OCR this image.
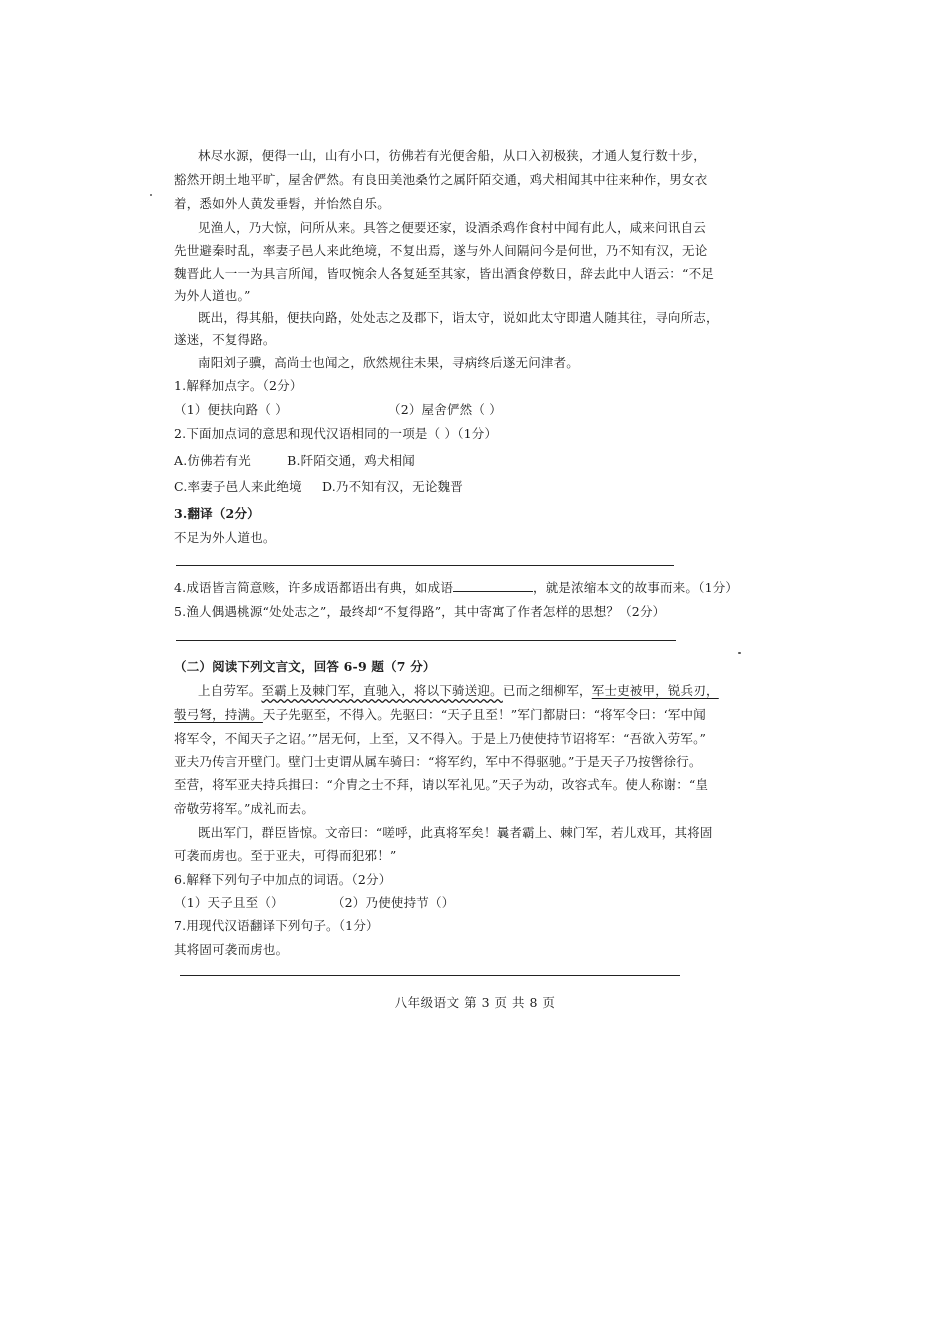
林尽水源，便得一山，山有小口，彷佛若有光便舍船，从口入初极狭，才通人复行数十步，
豁然开朗土地平旷，屋舍俨然。有良田美池桑竹之属阡陌交通，鸡犬相闻其中往来种作，男女衣
着，悉如外人黄发垂髫，并怡然自乐。
见渔人，乃大惊，问所从来。具答之便要还家，设酒杀鸡作食村中闻有此人，咸来问讯自云
先世避秦时乱，率妻子邑人来此绝境，不复出焉，遂与外人间隔问今是何世，乃不知有汉，无论
魏晋此人一一为具言所闻，皆叹惋余人各复延至其家，皆出酒食停数日，辞去此中人语云：“不足
为外人道也。”
既出，得其船，便扶向路，处处志之及郡下，诣太守，说如此太守即遣人随其往，寻向所志，
遂迷，不复得路。
南阳刘子骥，高尚士也闻之，欣然规往未果，寻病终后遂无问津者。
1.解释加点字。（2分）
（1）便扶向路（ ）	（2）屋舍俨然（ ）
2.下面加点词的意思和现代汉语相同的一项是（ ）（1分）
A.仿佛若有光	B.阡陌交通，鸡犬相闻
C.率妻子邑人来此绝境 D.乃不知有汉，无论魏晋
3.翻译（2分）
不足为外人道也。
4.成语皆言简意赅，许多成语都语出有典，如成语	，就是浓缩本文的故事而来。（1分）
5.渔人偶遇桃源“处处志之”，最终却“不复得路”，其中寄寓了作者怎样的思想？（2分）
（二）阅读下列文言文，回答 6-9 题（7 分）
上自劳军。至霸上及棘门军，直驰入，将以下骑送迎。已而之细柳军，军士吏被甲，锐兵刃，
彀弓弩，持满。天子先驱至，不得入。先驱曰：“天子且至！”军门都尉曰：“将军令曰：‘军中闻
将军令，不闻天子之诏。’”居无何，上至，又不得入。于是上乃使使持节诏将军：“吾欲入劳军。”
亚夫乃传言开壁门。壁门士吏谓从属车骑曰：“将军约，军中不得驱驰。”于是天子乃按辔徐行。
至营，将军亚夫持兵揖曰：“介胄之士不拜，请以军礼见。”天子为动，改容式车。使人称谢：“皇
帝敬劳将军。”成礼而去。
既出军门，群臣皆惊。文帝曰：“嗟呼，此真将军矣！曩者霸上、棘门军，若儿戏耳，其将固
可袭而虏也。至于亚夫，可得而犯邪！”
6.解释下列句子中加点的词语。（2分）
（1）天子且至（）	（2）乃使使持节（）
7.用现代汉语翻译下列句子。（1分）
其将固可袭而虏也。
八年级语文 第 3 页 共 8 页
